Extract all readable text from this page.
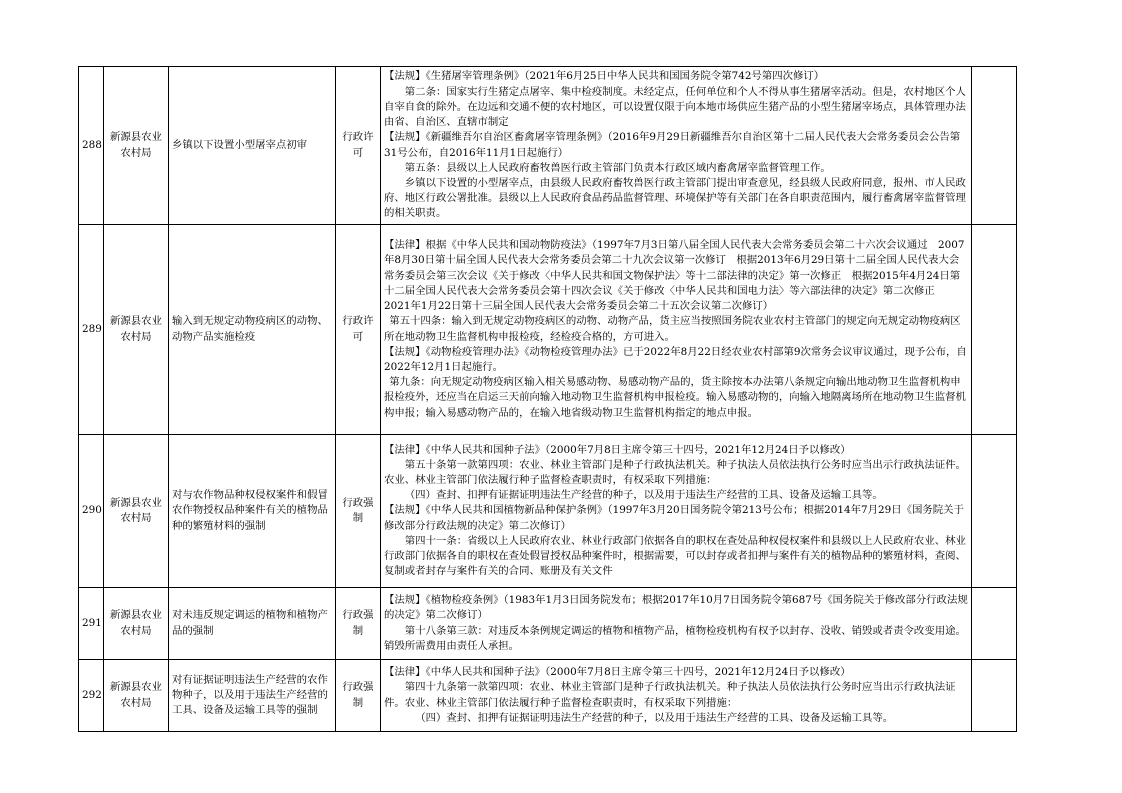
288	新源县农业农村局	乡镇以下设置小型屠宰点初审	行政许可	【法规】《生猪屠宰管理条例》（2021年6月25日中华人民共和国国务院令第742号第四次修订）

第二条：国家实行生猪定点屠宰、集中检疫制度。未经定点，任何单位和个人不得从事生猪屠宰活动。但是，农村地区个人自宰自食的除外。在边远和交通不便的农村地区，可以设置仅限于向本地市场供应生猪产品的小型生猪屠宰场点，具体管理办法由省、自治区、直辖市制定

【法规】《新疆维吾尔自治区畜禽屠宰管理条例》（2016年9月29日新疆维吾尔自治区第十二届人民代表大会常务委员会公告第31号公布，自2016年11月1日起施行）

第五条：县级以上人民政府畜牧兽医行政主管部门负责本行政区域内畜禽屠宰监督管理工作。

乡镇以下设置的小型屠宰点，由县级人民政府畜牧兽医行政主管部门提出审查意见，经县级人民政府同意，报州、市人民政府、地区行政公署批准。县级以上人民政府食品药品监督管理、环境保护等有关部门在各自职责范围内，履行畜禽屠宰监督管理的相关职责。	

289	新源县农业农村局	输入到无规定动物疫病区的动物、动物产品实施检疫	行政许可	【法律】根据《中华人民共和国动物防疫法》（1997年7月3日第八届全国人民代表大会常务委员会第二十六次会议通过　2007年8月30日第十届全国人民代表大会常务委员会第二十九次会议第一次修订　根据2013年6月29日第十二届全国人民代表大会常务委员会第三次会议《关于修改〈中华人民共和国文物保护法〉等十二部法律的决定》第一次修正　根据2015年4月24日第十二届全国人民代表大会常务委员会第十四次会议《关于修改〈中华人民共和国电力法〉等六部法律的决定》第二次修正　2021年1月22日第十三届全国人民代表大会常务委员会第二十五次会议第二次修订）

第五十四条：输入到无规定动物疫病区的动物、动物产品，货主应当按照国务院农业农村主管部门的规定向无规定动物疫病区所在地动物卫生监督机构申报检疫，经检疫合格的，方可进入。

【法规】《动物检疫管理办法》《动物检疫管理办法》已于2022年8月22日经农业农村部第9次常务会议审议通过，现予公布，自2022年12月1日起施行。

第九条：向无规定动物疫病区输入相关易感动物、易感动物产品的，货主除按本办法第八条规定向输出地动物卫生监督机构申报检疫外，还应当在启运三天前向输入地动物卫生监督机构申报检疫。输入易感动物的，向输入地隔离场所在地动物卫生监督机构申报；输入易感动物产品的，在输入地省级动物卫生监督机构指定的地点申报。	

290	新源县农业农村局	对与农作物品种权侵权案件和假冒农作物授权品种案件有关的植物品种的繁殖材料的强制	行政强制	【法律】《中华人民共和国种子法》（2000年7月8日主席令第三十四号，2021年12月24日予以修改）

第五十条第一款第四项：农业、林业主管部门是种子行政执法机关。种子执法人员依法执行公务时应当出示行政执法证件。农业、林业主管部门依法履行种子监督检查职责时，有权采取下列措施：

（四）查封、扣押有证据证明违法生产经营的种子，以及用于违法生产经营的工具、设备及运输工具等。

【法规】《中华人民共和国植物新品种保护条例》（1997年3月20日国务院令第213号公布；根据2014年7月29日《国务院关于修改部分行政法规的决定》第二次修订）

第四十一条：省级以上人民政府农业、林业行政部门依据各自的职权在查处品种权侵权案件和县级以上人民政府农业、林业行政部门依据各自的职权在查处假冒授权品种案件时，根据需要，可以封存或者扣押与案件有关的植物品种的繁殖材料，查阅、复制或者封存与案件有关的合同、账册及有关文件	

291	新源县农业农村局	对未违反规定调运的植物和植物产品的强制	行政强制	【法规】《植物检疫条例》（1983年1月3日国务院发布；根据2017年10月7日国务院令第687号《国务院关于修改部分行政法规的决定》第二次修订）

第十八条第三款：对违反本条例规定调运的植物和植物产品，植物检疫机构有权予以封存、没收、销毁或者责令改变用途。销毁所需费用由责任人承担。	

292	新源县农业农村局	对有证据证明违法生产经营的农作物种子，以及用于违法生产经营的工具、设备及运输工具等的强制	行政强制	【法律】《中华人民共和国种子法》（2000年7月8日主席令第三十四号，2021年12月24日予以修改）

第四十九条第一款第四项：农业、林业主管部门是种子行政执法机关。种子执法人员依法执行公务时应当出示行政执法证件。农业、林业主管部门依法履行种子监督检查职责时，有权采取下列措施：

（四）查封、扣押有证据证明违法生产经营的种子，以及用于违法生产经营的工具、设备及运输工具等。	
